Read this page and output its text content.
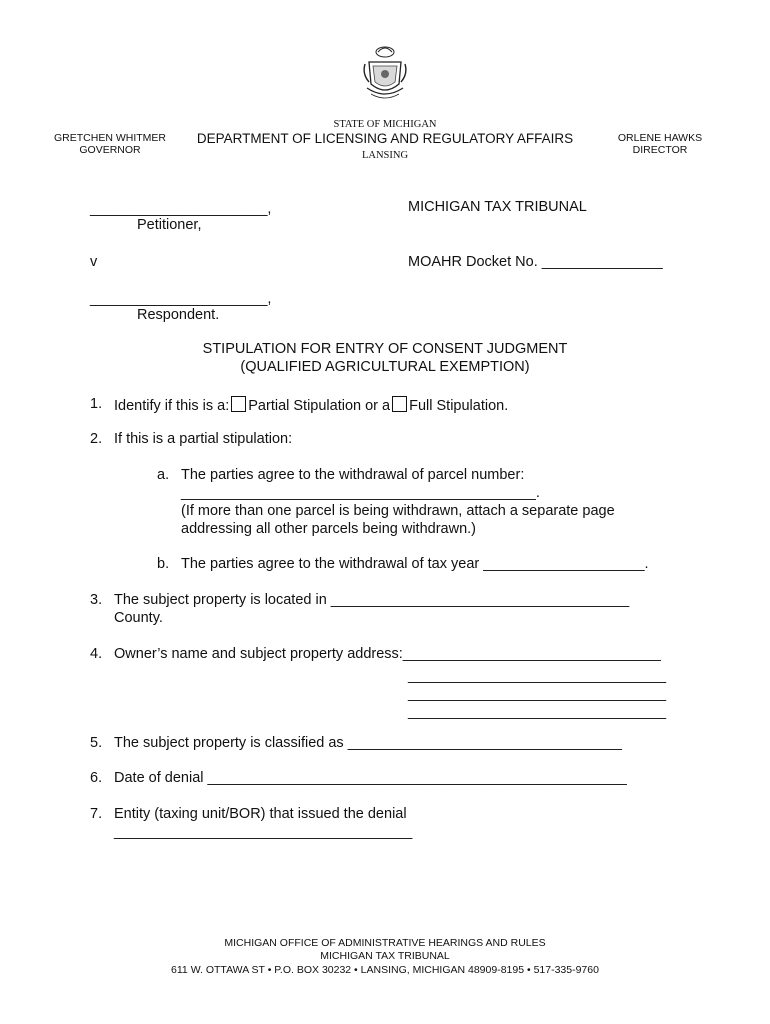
STATE OF MICHIGAN
DEPARTMENT OF LICENSING AND REGULATORY AFFAIRS
LANSING
GRETCHEN WHITMER
GOVERNOR
ORLENE HAWKS
DIRECTOR
______________________,
Petitioner,
v
______________________,
Respondent.
MICHIGAN TAX TRIBUNAL
MOAHR Docket No. _______________
STIPULATION FOR ENTRY OF CONSENT JUDGMENT
(QUALIFIED AGRICULTURAL EXEMPTION)
1. Identify if this is a: Partial Stipulation or a Full Stipulation.
2. If this is a partial stipulation:
a. The parties agree to the withdrawal of parcel number:
____________________________________________.
(If more than one parcel is being withdrawn, attach a separate page
addressing all other parcels being withdrawn.)
b. The parties agree to the withdrawal of tax year ____________________.
3. The subject property is located in _____________________________________
County.
4. Owner’s name and subject property address:________________________________
________________________________
________________________________
________________________________
5. The subject property is classified as __________________________________
6. Date of denial ____________________________________________________
7. Entity (taxing unit/BOR) that issued the denial
_____________________________________
MICHIGAN OFFICE OF ADMINISTRATIVE HEARINGS AND RULES
MICHIGAN TAX TRIBUNAL
611 W. OTTAWA ST • P.O. BOX 30232 • LANSING, MICHIGAN 48909-8195 • 517-335-9760
